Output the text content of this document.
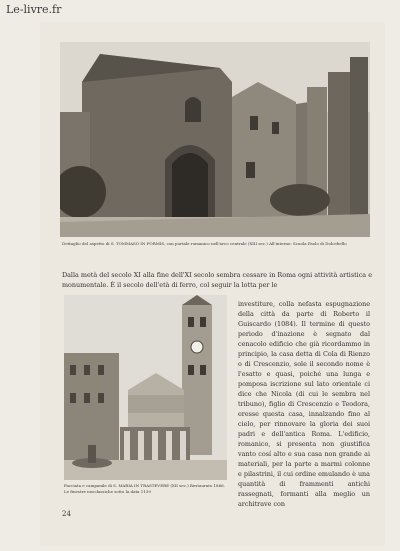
Le-livre.fr
Dettaglio del aspetto di S. TOMMASO IN FORMIS, con portale romanico nell'arco centrale (XIII sec.) All'interno: Scuola Paolo di Dolcebello
Dalla metà del secolo XI alla fine dell'XI secolo sembra cessare in Roma ogni attività artistica e monumentale. È il secolo dell'età di ferro, col seguir la lotta per le
Facciata e campanile di S. MARIA IN TRASTEVERE (XII sec.) Restaurato 1866. Le finestre neoclassiche sotto la data 1139
investiture, colla nefasta espugnazione della città da parte di Roberto il Guiscardo (1084). Il termine di questo periodo d'inazione è segnato dal cenacolo edificio che già ricordammo in principio, la casa detta di Cola di Rienzo o di Crescenzio, sole il secondo nome è l'esatto e quasi, poiché una lunga e pomposa iscrizione sul lato orientale ci dice che Nicola (di cui le sembra nel tribuno), figlio di Crescenzio e Teodora, eresse questa casa, innalzando fino al cielo, per rinnovare la gloria dei suoi padri e dell'antica Roma. L'edificio, romanico, si presenta non giustifica vanto cosí alto e sua casa non grande ai materiali, per la parte a marmi colonne e pilastrini, il cui ordine emulando è una quantità di frammenti antichi rassegnati, formanti alla meglio un architrave con
24
